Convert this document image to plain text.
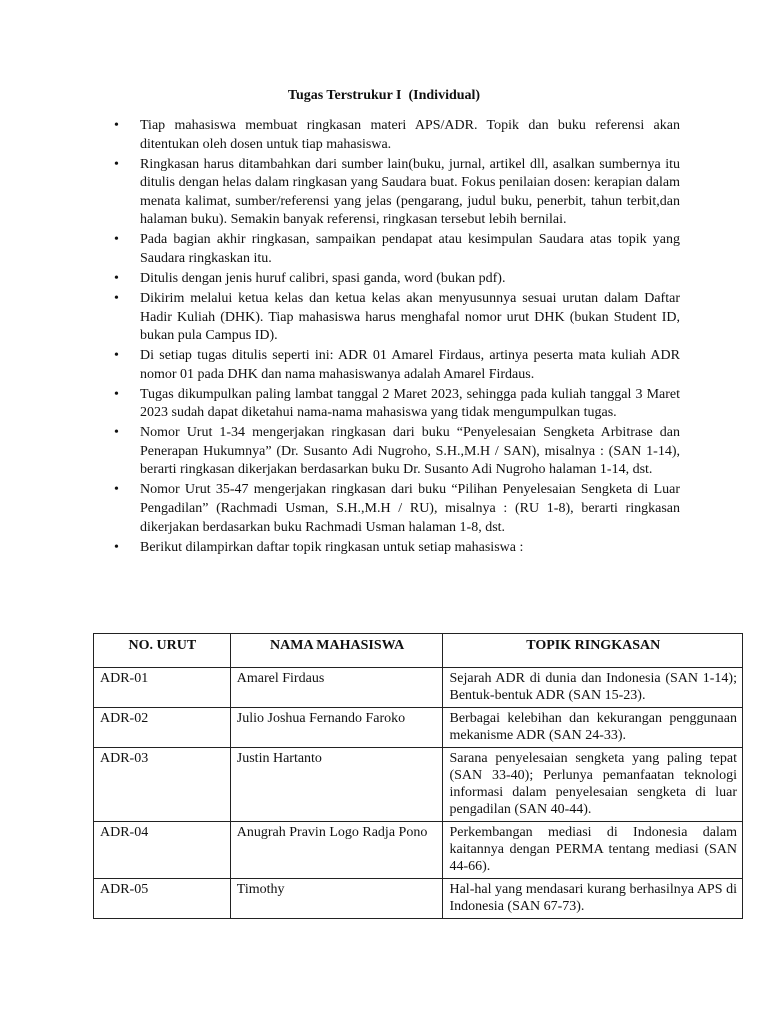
Tugas Terstrukur I  (Individual)
• Tiap mahasiswa membuat ringkasan materi APS/ADR. Topik dan buku referensi akan ditentukan oleh dosen untuk tiap mahasiswa.
• Ringkasan harus ditambahkan dari sumber lain(buku, jurnal, artikel dll, asalkan sumbernya itu ditulis dengan helas dalam ringkasan yang Saudara buat. Fokus penilaian dosen: kerapian dalam menata kalimat, sumber/referensi yang jelas (pengarang, judul buku, penerbit, tahun terbit,dan halaman buku). Semakin banyak referensi, ringkasan tersebut lebih bernilai.
• Pada bagian akhir ringkasan, sampaikan pendapat atau kesimpulan Saudara atas topik yang Saudara ringkaskan itu.
• Ditulis dengan jenis huruf calibri, spasi ganda, word (bukan pdf).
• Dikirim melalui ketua kelas dan ketua kelas akan menyusunnya sesuai urutan dalam Daftar Hadir Kuliah (DHK). Tiap mahasiswa harus menghafal nomor urut DHK (bukan Student ID, bukan pula Campus ID).
• Di setiap tugas ditulis seperti ini: ADR 01 Amarel Firdaus, artinya peserta mata kuliah ADR nomor 01 pada DHK dan nama mahasiswanya adalah Amarel Firdaus.
• Tugas dikumpulkan paling lambat tanggal 2 Maret 2023, sehingga pada kuliah tanggal 3 Maret 2023 sudah dapat diketahui nama-nama mahasiswa yang tidak mengumpulkan tugas.
• Nomor Urut 1-34 mengerjakan ringkasan dari buku “Penyelesaian Sengketa Arbitrase dan Penerapan Hukumnya” (Dr. Susanto Adi Nugroho, S.H.,M.H / SAN), misalnya : (SAN 1-14), berarti ringkasan dikerjakan berdasarkan buku Dr. Susanto Adi Nugroho halaman 1-14, dst.
• Nomor Urut 35-47 mengerjakan ringkasan dari buku “Pilihan Penyelesaian Sengketa di Luar Pengadilan” (Rachmadi Usman, S.H.,M.H / RU), misalnya : (RU 1-8), berarti ringkasan dikerjakan berdasarkan buku Rachmadi Usman halaman 1-8, dst.
• Berikut dilampirkan daftar topik ringkasan untuk setiap mahasiswa :
NO. URUT	NAMA MAHASISWA	TOPIK RINGKASAN
ADR-01	Amarel Firdaus	Sejarah ADR di dunia dan Indonesia (SAN 1-14); Bentuk-bentuk ADR (SAN 15-23).
ADR-02	Julio Joshua Fernando Faroko	Berbagai kelebihan dan kekurangan penggunaan mekanisme ADR (SAN 24-33).
ADR-03	Justin Hartanto	Sarana penyelesaian sengketa yang paling tepat (SAN 33-40); Perlunya pemanfaatan teknologi informasi dalam penyelesaian sengketa di luar pengadilan (SAN 40-44).
ADR-04	Anugrah Pravin Logo Radja Pono	Perkembangan mediasi di Indonesia dalam kaitannya dengan PERMA tentang mediasi (SAN 44-66).
ADR-05	Timothy	Hal-hal yang mendasari kurang berhasilnya APS di Indonesia (SAN 67-73).
